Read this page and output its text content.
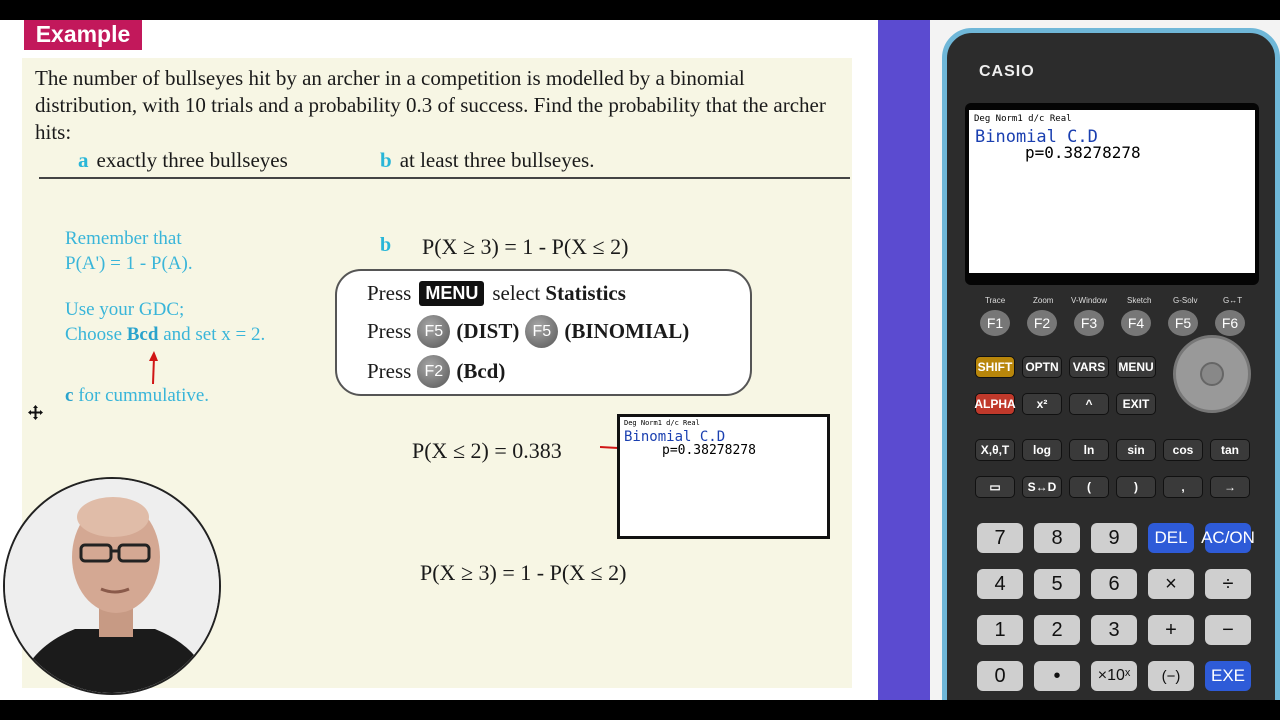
Example
The number of bullseyes hit by an archer in a competition is modelled by a binomial distribution, with 10 trials and a probability 0.3 of success. Find the probability that the archer hits:
a exactly three bullseyes	b at least three bullseyes.
Remember that
P(A') = 1 - P(A).
Use your GDC;
Choose Bcd and set x = 2.
c for cummulative.
b P(X ≥ 3) = 1 - P(X ≤ 2)
Press MENU select
Statistics
Press F5 (DIST) F5 (BINOMIAL)
Press F2 (Bcd)
P(X ≤ 2) = 0.383
Deg Norm1 d/c Real
Binomial C.D
p=0.38278278
P(X ≥ 3) = 1 - P(X ≤ 2)
CASIO
Deg Norm1 d/c Real
Binomial C.D
p=0.38278278
Trace	Zoom V-Window Sketch	G-Solv	G↔T
F1	F2	F3	F4	F5	F6
SHIFT OPTN	VARS	MENU
ALPHA	x²	^	EXIT
X,θ,T	log	ln	sin	cos	tan
▭	S↔D	(	)	,	→
7	8	9	DEL AC/ON
4	5	6	×	÷
1	2	3	+	−
0	•	×10ˣ	(−)	EXE
